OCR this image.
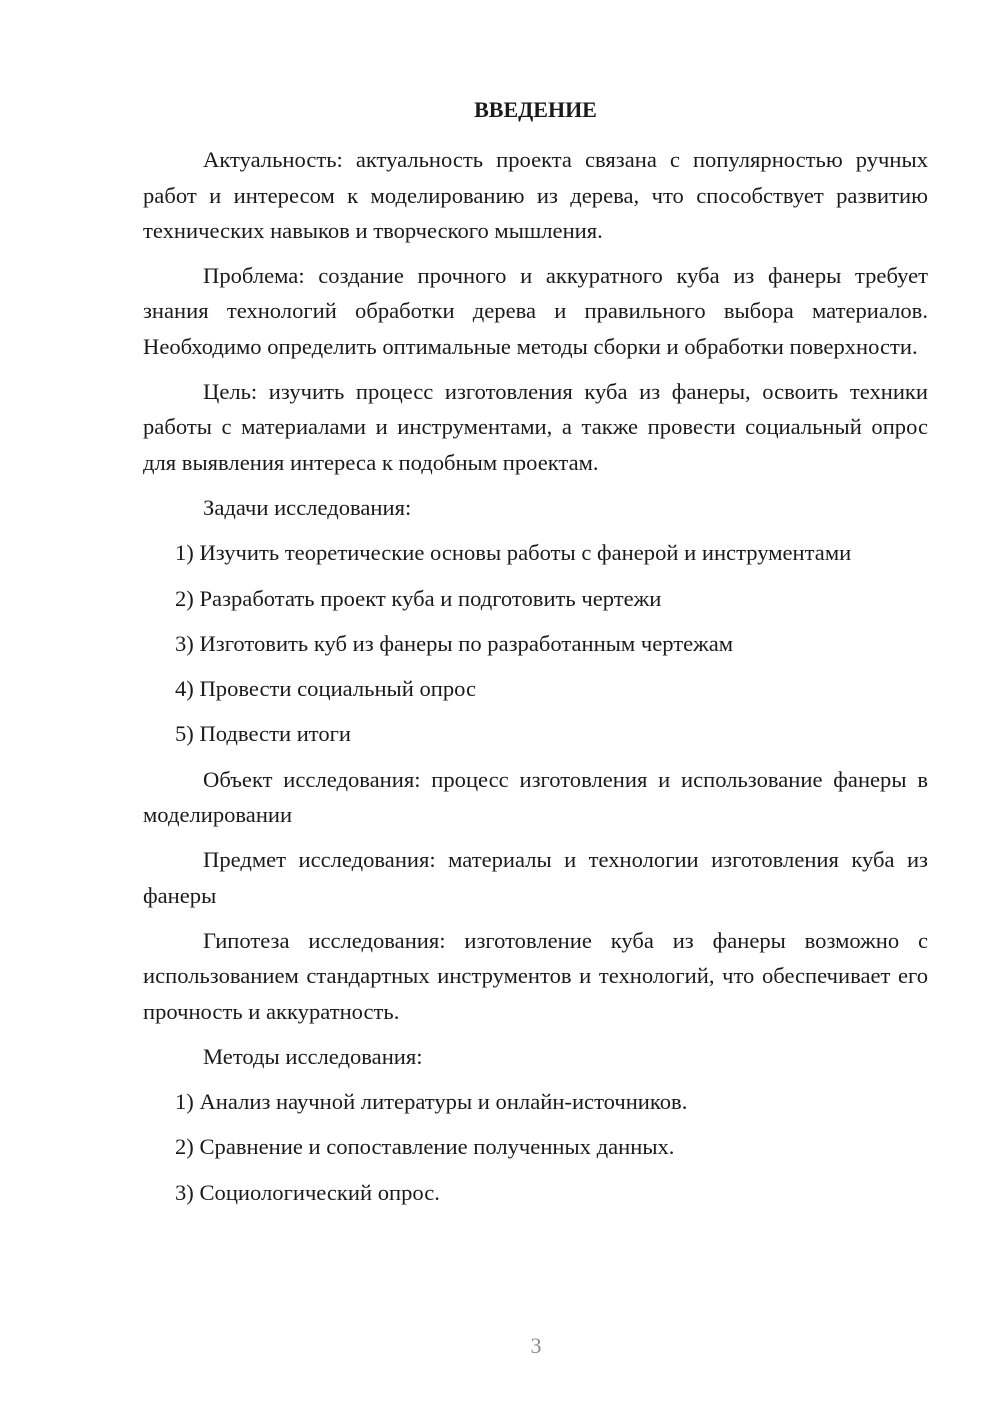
ВВЕДЕНИЕ

Актуальность: актуальность проекта связана с популярностью ручных работ и интересом к моделированию из дерева, что способствует развитию технических навыков и творческого мышления.

Проблема: создание прочного и аккуратного куба из фанеры требует знания технологий обработки дерева и правильного выбора материалов. Необходимо определить оптимальные методы сборки и обработки поверхности.

Цель: изучить процесс изготовления куба из фанеры, освоить техники работы с материалами и инструментами, а также провести социальный опрос для выявления интереса к подобным проектам.

Задачи исследования:

1) Изучить теоретические основы работы с фанерой и инструментами
2) Разработать проект куба и подготовить чертежи
3) Изготовить куб из фанеры по разработанным чертежам
4) Провести социальный опрос
5) Подвести итоги

Объект исследования: процесс изготовления и использование фанеры в моделировании

Предмет исследования: материалы и технологии изготовления куба из фанеры

Гипотеза исследования: изготовление куба из фанеры возможно с использованием стандартных инструментов и технологий, что обеспечивает его прочность и аккуратность.

Методы исследования:

1) Анализ научной литературы и онлайн-источников.
2) Сравнение и сопоставление полученных данных.
3) Социологический опрос.
3
